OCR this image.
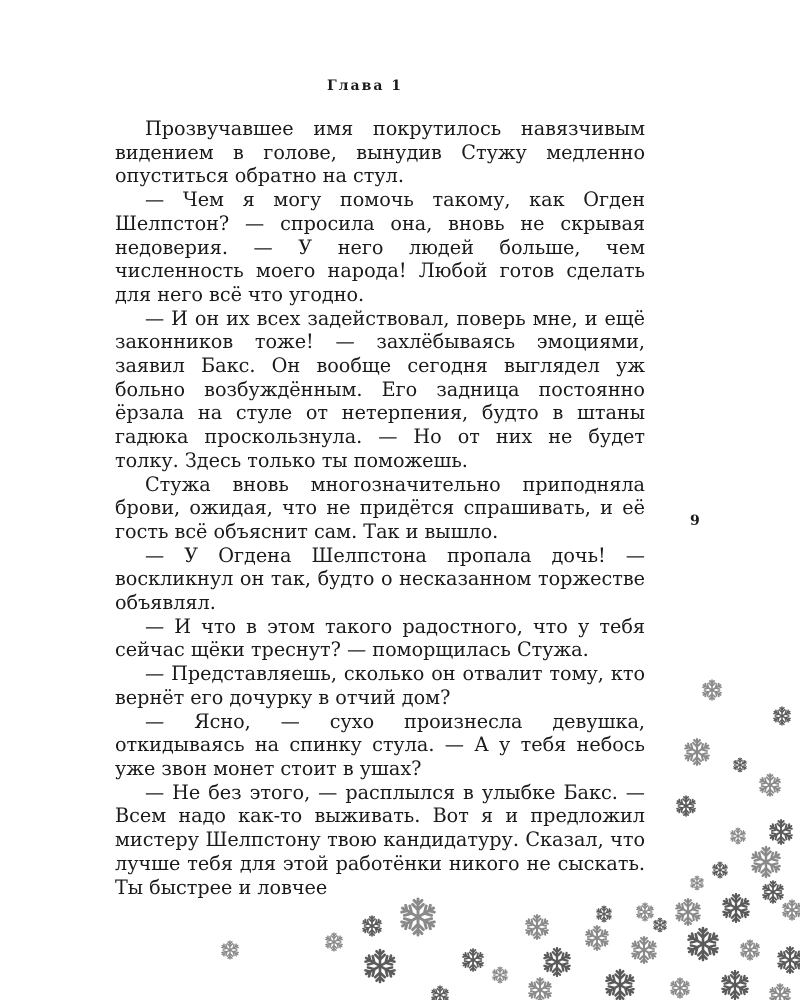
Глава 1

Прозвучавшее имя покрутилось навязчивым видением в голове, вынудив Стужу медленно опуститься обратно на стул.

— Чем я могу помочь такому, как Огден Шелпстон? — спросила она, вновь не скрывая недоверия. — У него людей больше, чем численность моего народа! Любой готов сделать для него всё что угодно.

— И он их всех задействовал, поверь мне, и ещё законников тоже! — захлёбываясь эмоциями, заявил Бакс. Он вообще сегодня выглядел уж больно возбуждённым. Его задница постоянно ёрзала на стуле от нетерпения, будто в штаны гадюка проскользнула. — Но от них не будет толку. Здесь только ты поможешь.

Стужа вновь многозначительно приподняла брови, ожидая, что не придётся спрашивать, и её гость всё объяснит сам. Так и вышло.

— У Огдена Шелпстона пропала дочь! — воскликнул он так, будто о несказанном торжестве объявлял.

— И что в этом такого радостного, что у тебя сейчас щёки треснут? — поморщилась Стужа.

— Представляешь, сколько он отвалит тому, кто вернёт его дочурку в отчий дом?

— Ясно, — сухо произнесла девушка, откидываясь на спинку стула. — А у тебя небось уже звон монет стоит в ушах?

— Не без этого, — расплылся в улыбке Бакс. — Всем надо как-то выживать. Вот я и предложил мистеру Шелпстону твою кандидатуру. Сказал, что лучше тебя для этой работёнки никого не сыскать. Ты быстрее и ловчее

9
